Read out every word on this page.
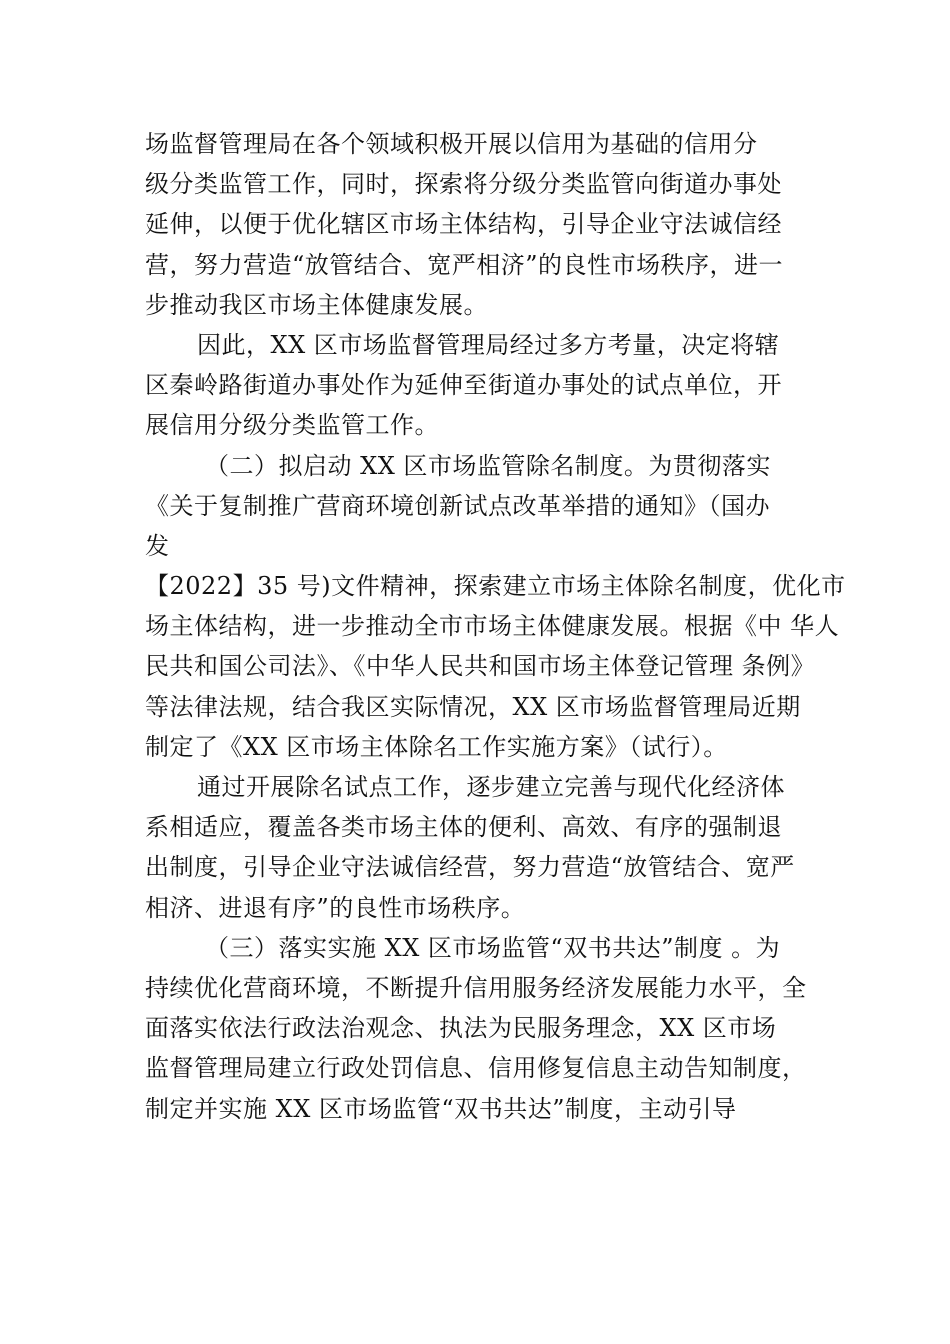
场监督管理局在各个领域积极开展以信用为基础的信用分
级分类监管工作，同时，探索将分级分类监管向街道办事处
延伸，以便于优化辖区市场主体结构，引导企业守法诚信经
营，努力营造“放管结合、宽严相济”的良性市场秩序，进一
步推动我区市场主体健康发展。
因此，XX 区市场监督管理局经过多方考量，决定将辖
区秦岭路街道办事处作为延伸至街道办事处的试点单位，开
展信用分级分类监管工作。
（二）拟启动 XX 区市场监管除名制度。为贯彻落实
《关于复制推广营商环境创新试点改革举措的通知》（国办
发
【2022】35 号)文件精神，探索建立市场主体除名制度，优化市
场主体结构，进一步推动全市市场主体健康发展。根据《中 华人
民共和国公司法》、《中华人民共和国市场主体登记管理 条例》
等法律法规，结合我区实际情况，XX 区市场监督管理局近期
制定了《XX 区市场主体除名工作实施方案》（试行）。
通过开展除名试点工作，逐步建立完善与现代化经济体
系相适应，覆盖各类市场主体的便利、高效、有序的强制退
出制度，引导企业守法诚信经营，努力营造“放管结合、宽严
相济、进退有序”的良性市场秩序。
（三）落实实施 XX 区市场监管“双书共达”制度 。为
持续优化营商环境，不断提升信用服务经济发展能力水平，全
面落实依法行政法治观念、执法为民服务理念，XX 区市场
监督管理局建立行政处罚信息、信用修复信息主动告知制度，
制定并实施 XX 区市场监管“双书共达”制度，主动引导
